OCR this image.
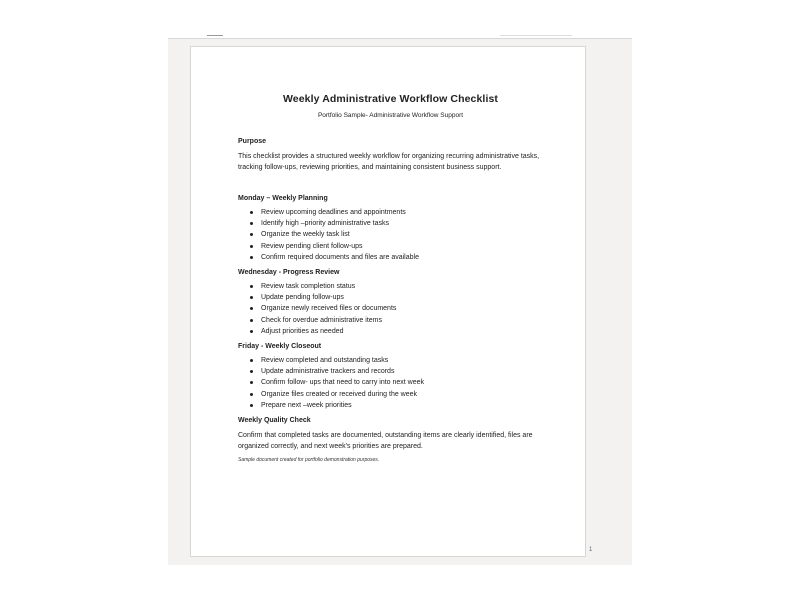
Weekly Administrative Workflow Checklist

Portfolio Sample- Administrative Workflow Support

Purpose

This checklist provides a structured weekly workflow for organizing recurring administrative tasks, tracking follow-ups, reviewing priorities, and maintaining consistent business support.

Monday – Weekly Planning

Review upcoming deadlines and appointments
Identify high –priority administrative tasks
Organize the weekly task list
Review pending client follow-ups
Confirm required documents and files are available

Wednesday - Progress Review

Review task completion status
Update pending follow-ups
Organize newly received files or documents
Check for overdue administrative items
Adjust priorities as needed

Friday - Weekly Closeout

Review completed and outstanding tasks
Update administrative trackers and records
Confirm follow- ups that need to carry into next week
Organize files created or received during the week
Prepare next –week priorities

Weekly Quality Check

Confirm that completed tasks are documented, outstanding items are clearly identified, files are organized correctly, and next week's priorities are prepared.

Sample document created for portfolio demonstration purposes.

1
